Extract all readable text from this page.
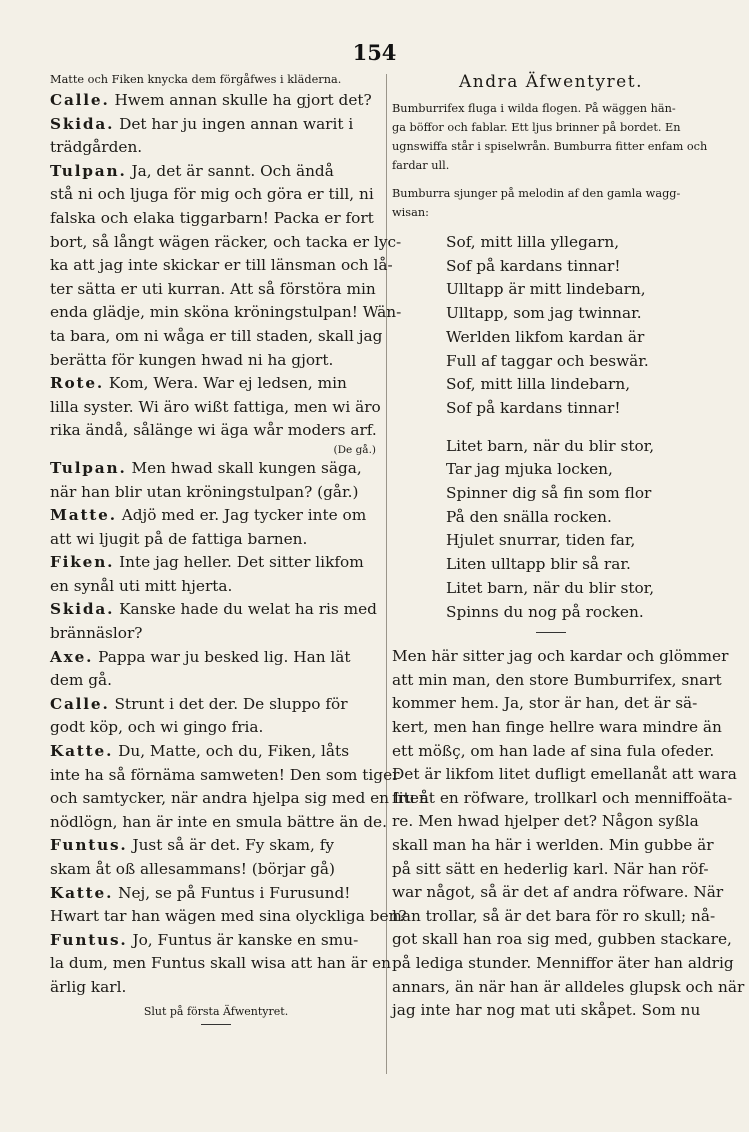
154
Matte och Fiken knycka dem förgåfwes i kläderna.
Calle. Hwem annan skulle ha gjort det?
Skida. Det har ju ingen annan warit i
trädgården.
Tulpan. Ja, det är sannt. Och ändå
stå ni och ljuga för mig och göra er till, ni
falska och elaka tiggarbarn! Packa er fort
bort, så långt wägen räcker, och tacka er lyc-
ka att jag inte skickar er till länsman och lå-
ter sätta er uti kurran. Att så förstöra min
enda glädje, min sköna kröningstulpan! Wän-
ta bara, om ni wåga er till staden, skall jag
berätta för kungen hwad ni ha gjort.
Rote. Kom, Wera. War ej ledsen, min
lilla syster. Wi äro wißt fattiga, men wi äro
rika ändå, sålänge wi äga wår moders arf.
(De gå.)
Tulpan. Men hwad skall kungen säga,
när han blir utan kröningstulpan? (går.)
Matte. Adjö med er. Jag tycker inte om
att wi ljugit på de fattiga barnen.
Fiken. Inte jag heller. Det sitter likfom
en synål uti mitt hjerta.
Skida. Kanske hade du welat ha ris med
brännäslor?
Axe. Pappa war ju besked lig. Han lät
dem gå.
Calle. Strunt i det der. De sluppo för
godt köp, och wi gingo fria.
Katte. Du, Matte, och du, Fiken, låts
inte ha så förnäma samweten! Den som tiger
och samtycker, när andra hjelpa sig med en liten
nödlögn, han är inte en smula bättre än de.
Funtus. Just så är det. Fy skam, fy
skam åt oß allesammans! (börjar gå)
Katte. Nej, se på Funtus i Furusund!
Hwart tar han wägen med sina olyckliga ben?
Funtus. Jo, Funtus är kanske en smu-
la dum, men Funtus skall wisa att han är en
ärlig karl.
Slut på första Äfwentyret.
Andra Äfwentyret.
Bumburrifex fluga i wilda flogen. På wäggen hän-
ga böffor och fablar. Ett ljus brinner på bordet. En
ugnswiffa står i spiselwrån. Bumburra fitter enfam och
fardar ull.
Bumburra sjunger på melodin af den gamla wagg-
wisan:
Sof, mitt lilla yllegarn,
Sof på kardans tinnar!
Ulltapp är mitt lindebarn,
Ulltapp, som jag twinnar.
Werlden likfom kardan är
Full af taggar och beswär.
Sof, mitt lilla lindebarn,
Sof på kardans tinnar!
Litet barn, när du blir stor,
Tar jag mjuka locken,
Spinner dig så fin som flor
På den snälla rocken.
Hjulet snurrar, tiden far,
Liten ulltapp blir så rar.
Litet barn, när du blir stor,
Spinns du nog på rocken.
Men här sitter jag och kardar och glömmer
att min man, den store Bumburrifex, snart
kommer hem. Ja, stor är han, det är sä-
kert, men han finge hellre wara mindre än
ett mößç, om han lade af sina fula ofeder.
Det är likfom litet dufligt emellanåt att wara
fru åt en röfware, trollkarl och menniffoäta-
re. Men hwad hjelper det? Någon syßla
skall man ha här i werlden. Min gubbe är
på sitt sätt en hederlig karl. När han röf-
war något, så är det af andra röfware. När
han trollar, så är det bara för ro skull; nå-
got skall han roa sig med, gubben stackare,
på lediga stunder. Menniffor äter han aldrig
annars, än när han är alldeles glupsk och när
jag inte har nog mat uti skåpet. Som nu
